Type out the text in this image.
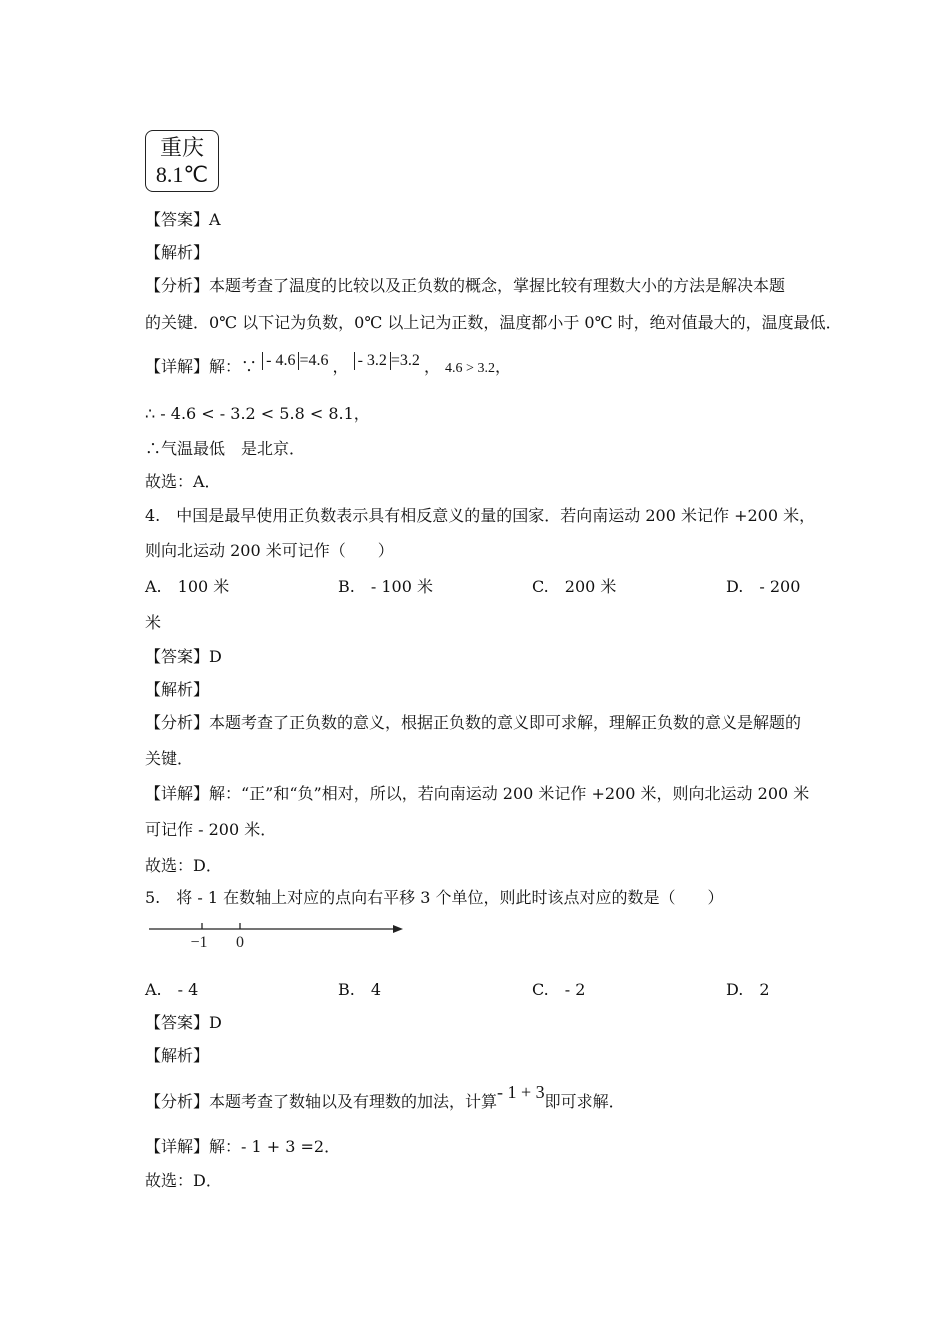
重庆
8.1℃
【答案】A
【解析】
【分析】本题考查了温度的比较以及正负数的概念，掌握比较有理数大小的方法是解决本题
的关键．0℃ 以下记为负数，0℃ 以上记为正数，温度都小于 0℃ 时，绝对值最大的，温度最低．
【详解】解：∵ - 4.6 =4.6 ， - 3.2 =3.2 ， 4.6 > 3.2，
∴ - 4.6 < - 3.2 < 5.8 < 8.1，
∴气温最低　是北京．
故选：A．
4.　中国是最早使用正负数表示具有相反意义的量的国家．若向南运动 200 米记作 +200 米，
则向北运动 200 米可记作（　　）
A.　100 米	B.　- 100 米	C.　200 米	D.　- 200
米
【答案】D
【解析】
【分析】本题考查了正负数的意义，根据正负数的意义即可求解，理解正负数的意义是解题的
关键．
【详解】解：“正”和“负”相对，所以，若向南运动 200 米记作 +200 米，则向北运动 200 米
可记作 - 200 米．
故选：D．
5.　将 - 1 在数轴上对应的点向右平移 3 个单位，则此时该点对应的数是（　　）
−1 0
A.　- 4	B.　4	C.　- 2	D.　2
【答案】D
【解析】
【分析】本题考查了数轴以及有理数的加法，计算- 1 + 3即可求解．
【详解】解：- 1 + 3 =2．
故选：D．
